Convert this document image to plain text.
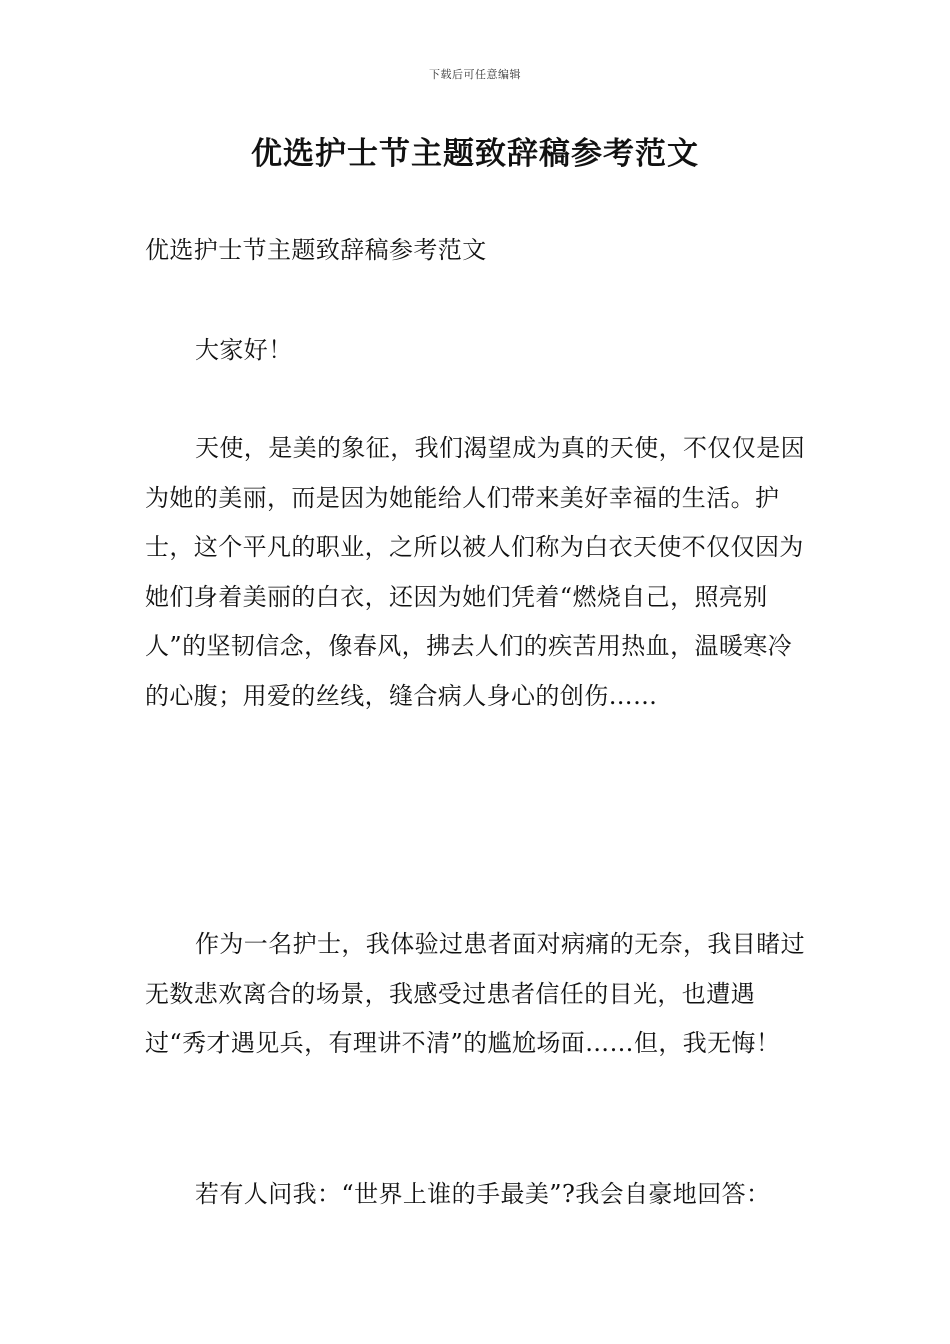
下载后可任意编辑
优选护士节主题致辞稿参考范文

优选护士节主题致辞稿参考范文

大家好！

天使，是美的象征，我们渴望成为真的天使，不仅仅是因为她的美丽，而是因为她能给人们带来美好幸福的生活。护士，这个平凡的职业，之所以被人们称为白衣天使不仅仅因为她们身着美丽的白衣，还因为她们凭着“燃烧自己，照亮别人”的坚韧信念，像春风，拂去人们的疾苦用热血，温暖寒冷的心腹；用爱的丝线，缝合病人身心的创伤……

作为一名护士，我体验过患者面对病痛的无奈，我目睹过无数悲欢离合的场景，我感受过患者信任的目光，也遭遇过“秀才遇见兵，有理讲不清”的尴尬场面……但，我无悔！

若有人问我：“世界上谁的手最美”?我会自豪地回答：
